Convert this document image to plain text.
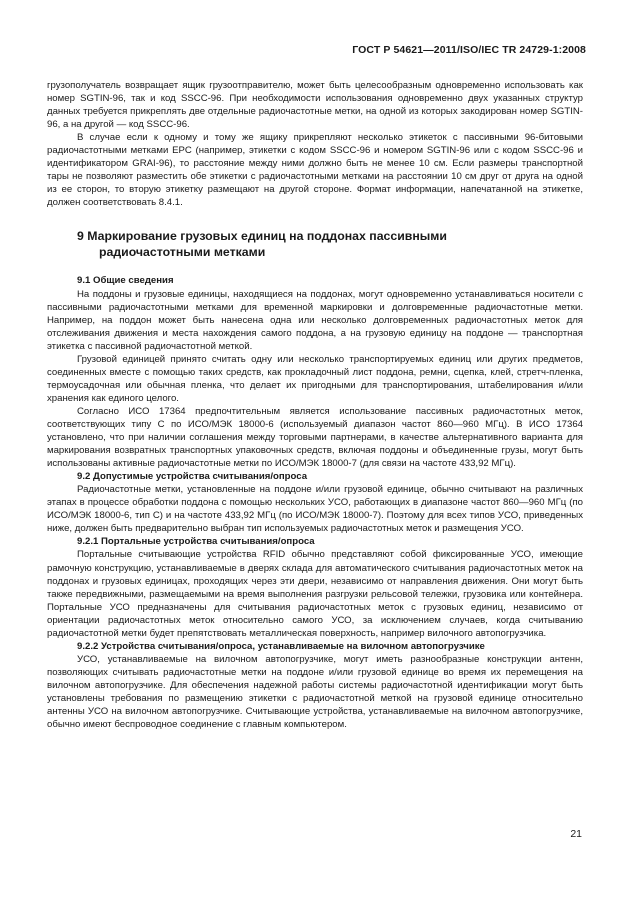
ГОСТ Р 54621—2011/ISO/IEC TR 24729-1:2008

грузополучатель возвращает ящик грузоотправителю, может быть целесообразным одновременно использовать как номер SGTIN-96, так и код SSCC-96. При необходимости использования одновременно двух указанных структур данных требуется прикреплять две отдельные радиочастотные метки, на одной из которых закодирован номер SGTIN-96, а на другой — код SSCC-96.

В случае если к одному и тому же ящику прикрепляют несколько этикеток с пассивными 96-битовыми радиочастотными метками ЕРС (например, этикетки с кодом SSCC-96 и номером SGTIN-96 или с кодом SSCC-96 и идентификатором GRAI-96), то расстояние между ними должно быть не менее 10 см. Если размеры транспортной тары не позволяют разместить обе этикетки с радиочастотными метками на расстоянии 10 см друг от друга на одной из ее сторон, то вторую этикетку размещают на другой стороне. Формат информации, напечатанной на этикетке, должен соответствовать 8.4.1.

9 Маркирование грузовых единиц на поддонах пассивными
радиочастотными метками

9.1 Общие сведения

На поддоны и грузовые единицы, находящиеся на поддонах, могут одновременно устанавливаться носители с пассивными радиочастотными метками для временной маркировки и долговременные радиочастотные метки. Например, на поддон может быть нанесена одна или несколько долговременных радиочастотных меток для отслеживания движения и места нахождения самого поддона, а на грузовую единицу на поддоне — транспортная этикетка с пассивной радиочастотной меткой.

Грузовой единицей принято считать одну или несколько транспортируемых единиц или других предметов, соединенных вместе с помощью таких средств, как прокладочный лист поддона, ремни, сцепка, клей, стретч-пленка, термоусадочная или обычная пленка, что делает их пригодными для транспортирования, штабелирования и/или хранения как единого целого.

Согласно ИСО 17364 предпочтительным является использование пассивных радиочастотных меток, соответствующих типу С по ИСО/МЭК 18000-6 (используемый диапазон частот 860—960 МГц). В ИСО 17364 установлено, что при наличии соглашения между торговыми партнерами, в качестве альтернативного варианта для маркирования возвратных транспортных упаковочных средств, включая поддоны и объединенные грузы, могут быть использованы активные радиочастотные метки по ИСО/МЭК 18000-7 (для связи на частоте 433,92 МГц).

9.2 Допустимые устройства считывания/опроса

Радиочастотные метки, установленные на поддоне и/или грузовой единице, обычно считывают на различных этапах в процессе обработки поддона с помощью нескольких УСО, работающих в диапазоне частот 860—960 МГц (по ИСО/МЭК 18000-6, тип С) и на частоте 433,92 МГц (по ИСО/МЭК 18000-7). Поэтому для всех типов УСО, приведенных ниже, должен быть предварительно выбран тип используемых радиочастотных меток и размещения УСО.

9.2.1 Портальные устройства считывания/опроса

Портальные считывающие устройства RFID обычно представляют собой фиксированные УСО, имеющие рамочную конструкцию, устанавливаемые в дверях склада для автоматического считывания радиочастотных меток на поддонах и грузовых единицах, проходящих через эти двери, независимо от направления движения. Они могут быть также передвижными, размещаемыми на время выполнения разгрузки рельсовой тележки, грузовика или контейнера. Портальные УСО предназначены для считывания радиочастотных меток с грузовых единиц, независимо от ориентации радиочастотных меток относительно самого УСО, за исключением случаев, когда считыванию радиочастотной метки будет препятствовать металлическая поверхность, например вилочного автопогрузчика.

9.2.2 Устройства считывания/опроса, устанавливаемые на вилочном автопогрузчике

УСО, устанавливаемые на вилочном автопогрузчике, могут иметь разнообразные конструкции антенн, позволяющих считывать радиочастотные метки на поддоне и/или грузовой единице во время их перемещения на вилочном автопогрузчике. Для обеспечения надежной работы системы радиочастотной идентификации могут быть установлены требования по размещению этикетки с радиочастотной меткой на грузовой единице относительно антенны УСО на вилочном автопогрузчике. Считывающие устройства, устанавливаемые на вилочном автопогрузчике, обычно имеют беспроводное соединение с главным компьютером.

21
